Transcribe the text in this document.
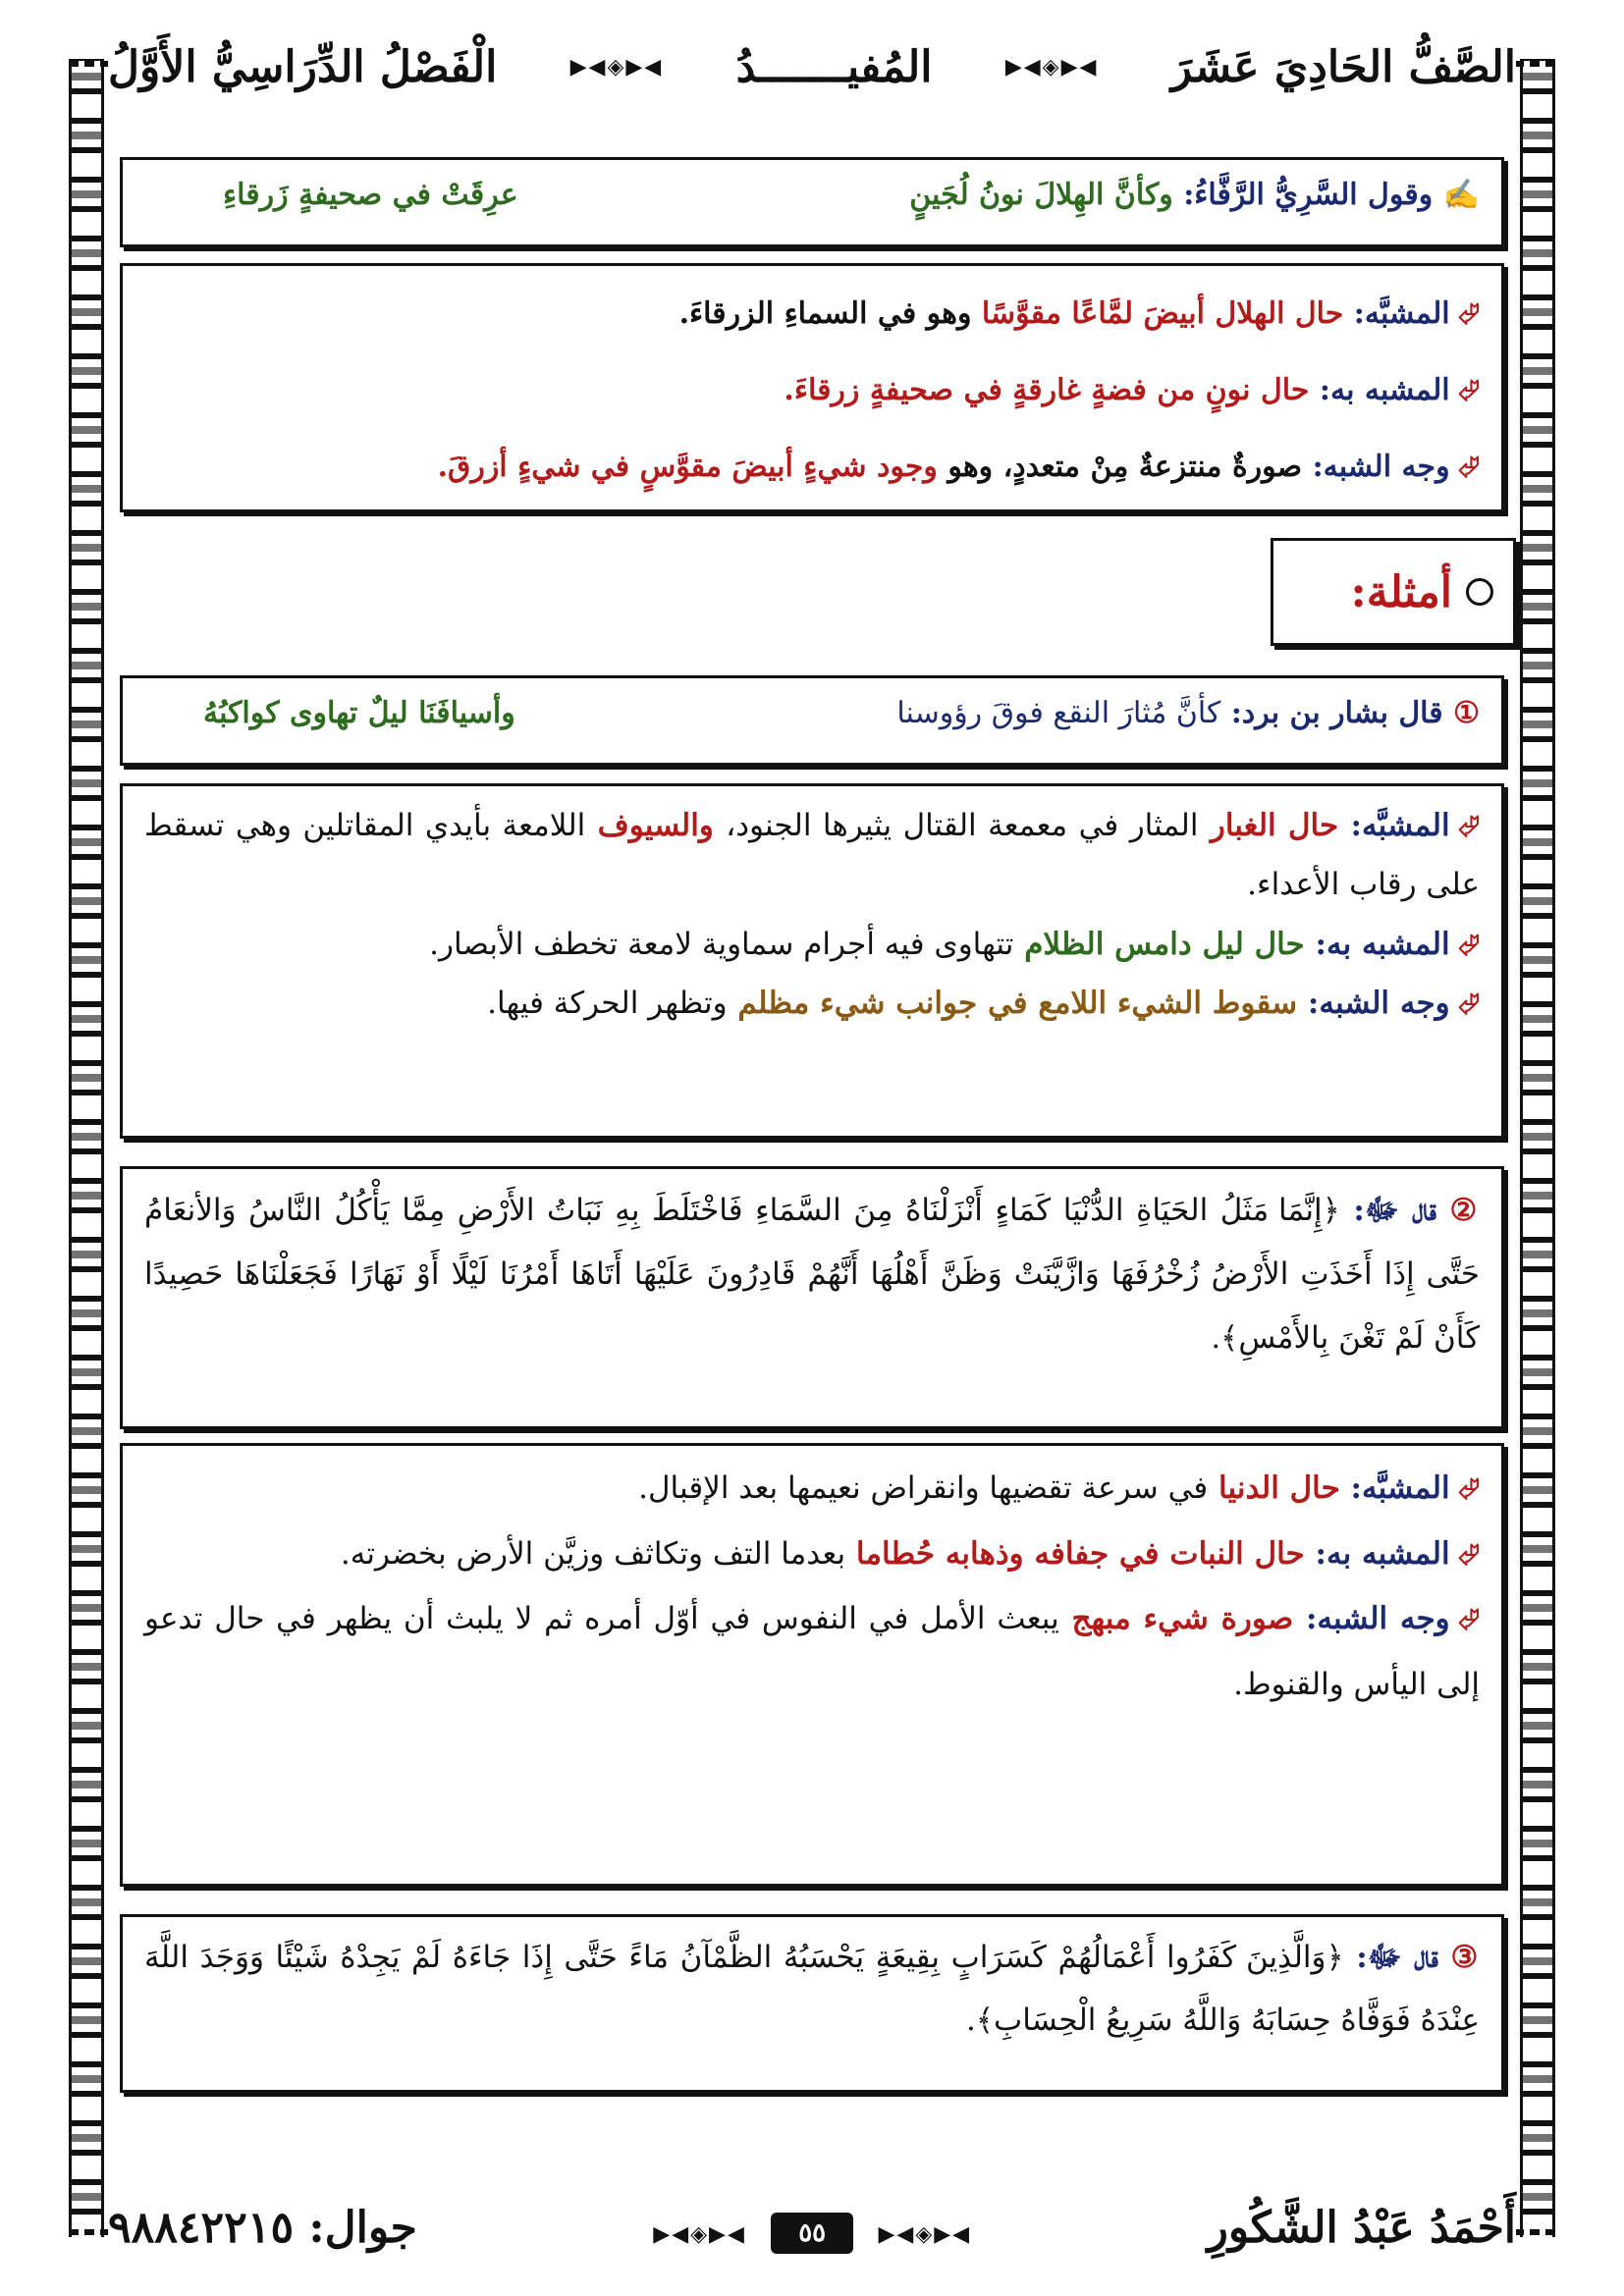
الصَّفُّ الحَادِيَ عَشَرَ
◀▶◈◀▶
المُفيـــــــدُ
◀▶◈◀▶
الْفَصْلُ الدِّرَاسِيُّ الأَوَّلُ
✍ وقول السَّرِيُّ الرَّفَّاءُ: وكأنَّ الهِلالَ نونُ لُجَينٍ
عرِقَتْ في صحيفةٍ زَرقاءِ
⮰المشبَّه: حال الهلال أبيضَ لمَّاعًا مقوَّسًا وهو في السماءِ الزرقاءَ.
⮰المشبه به: حال نونٍ من فضةٍ غارقةٍ في صحيفةٍ زرقاءَ.
⮰وجه الشبه: صورةٌ منتزعةٌ مِنْ متعددٍ، وهو وجود شيءٍ أبيضَ مقوَّسٍ في شيءٍ أزرقَ.
أمثلة:
① قال بشار بن برد: كأنَّ مُثارَ النقع فوقَ رؤوسنا
وأسيافَنَا ليلٌ تهاوى كواكبُهُ
⮰المشبَّه: حال الغبار المثار في معمعة القتال يثيرها الجنود، والسيوف اللامعة بأيدي المقاتلين وهي تسقط على رقاب الأعداء.
⮰المشبه به: حال ليل دامس الظلام تتهاوى فيه أجرام سماوية لامعة تخطف الأبصار.
⮰وجه الشبه: سقوط الشيء اللامع في جوانب شيء مظلم وتظهر الحركة فيها.
② قال ﷻ: ﴿إِنَّمَا مَثَلُ الحَيَاةِ الدُّنْيَا كَمَاءٍ أَنْزَلْنَاهُ مِنَ السَّمَاءِ فَاخْتَلَطَ بِهِ نَبَاتُ الأَرْضِ مِمَّا يَأْكُلُ النَّاسُ وَالأنعَامُ حَتَّى إِذَا أَخَذَتِ الأَرْضُ زُخْرُفَهَا وَازَّيَّنَتْ وَظَنَّ أَهْلُهَا أَنَّهُمْ قَادِرُونَ عَلَيْهَا أَتَاهَا أَمْرُنَا لَيْلًا أَوْ نَهَارًا فَجَعَلْنَاهَا حَصِيدًا كَأَنْ لَمْ تَغْنَ بِالأَمْسِ﴾.
⮰المشبَّه: حال الدنيا في سرعة تقضيها وانقراض نعيمها بعد الإقبال.
⮰المشبه به: حال النبات في جفافه وذهابه حُطاما بعدما التف وتكاثف وزيَّن الأرض بخضرته.
⮰وجه الشبه: صورة شيء مبهج يبعث الأمل في النفوس في أوّل أمره ثم لا يلبث أن يظهر في حال تدعو إلى اليأس والقنوط.
③ قال ﷻ: ﴿وَالَّذِينَ كَفَرُوا أَعْمَالُهُمْ كَسَرَابٍ بِقِيعَةٍ يَحْسَبُهُ الظَّمْآنُ مَاءً حَتَّى إِذَا جَاءَهُ لَمْ يَجِدْهُ شَيْئًا وَوَجَدَ اللَّهَ عِنْدَهُ فَوَفَّاهُ حِسَابَهُ وَاللَّهُ سَرِيعُ الْحِسَابِ﴾.
أَحْمَدُ عَبْدُ الشَّكُورِ
◀▶◈◀▶ ٥٥ ◀▶◈◀▶
جوال: ٩٨٨٤٢٢١٥
